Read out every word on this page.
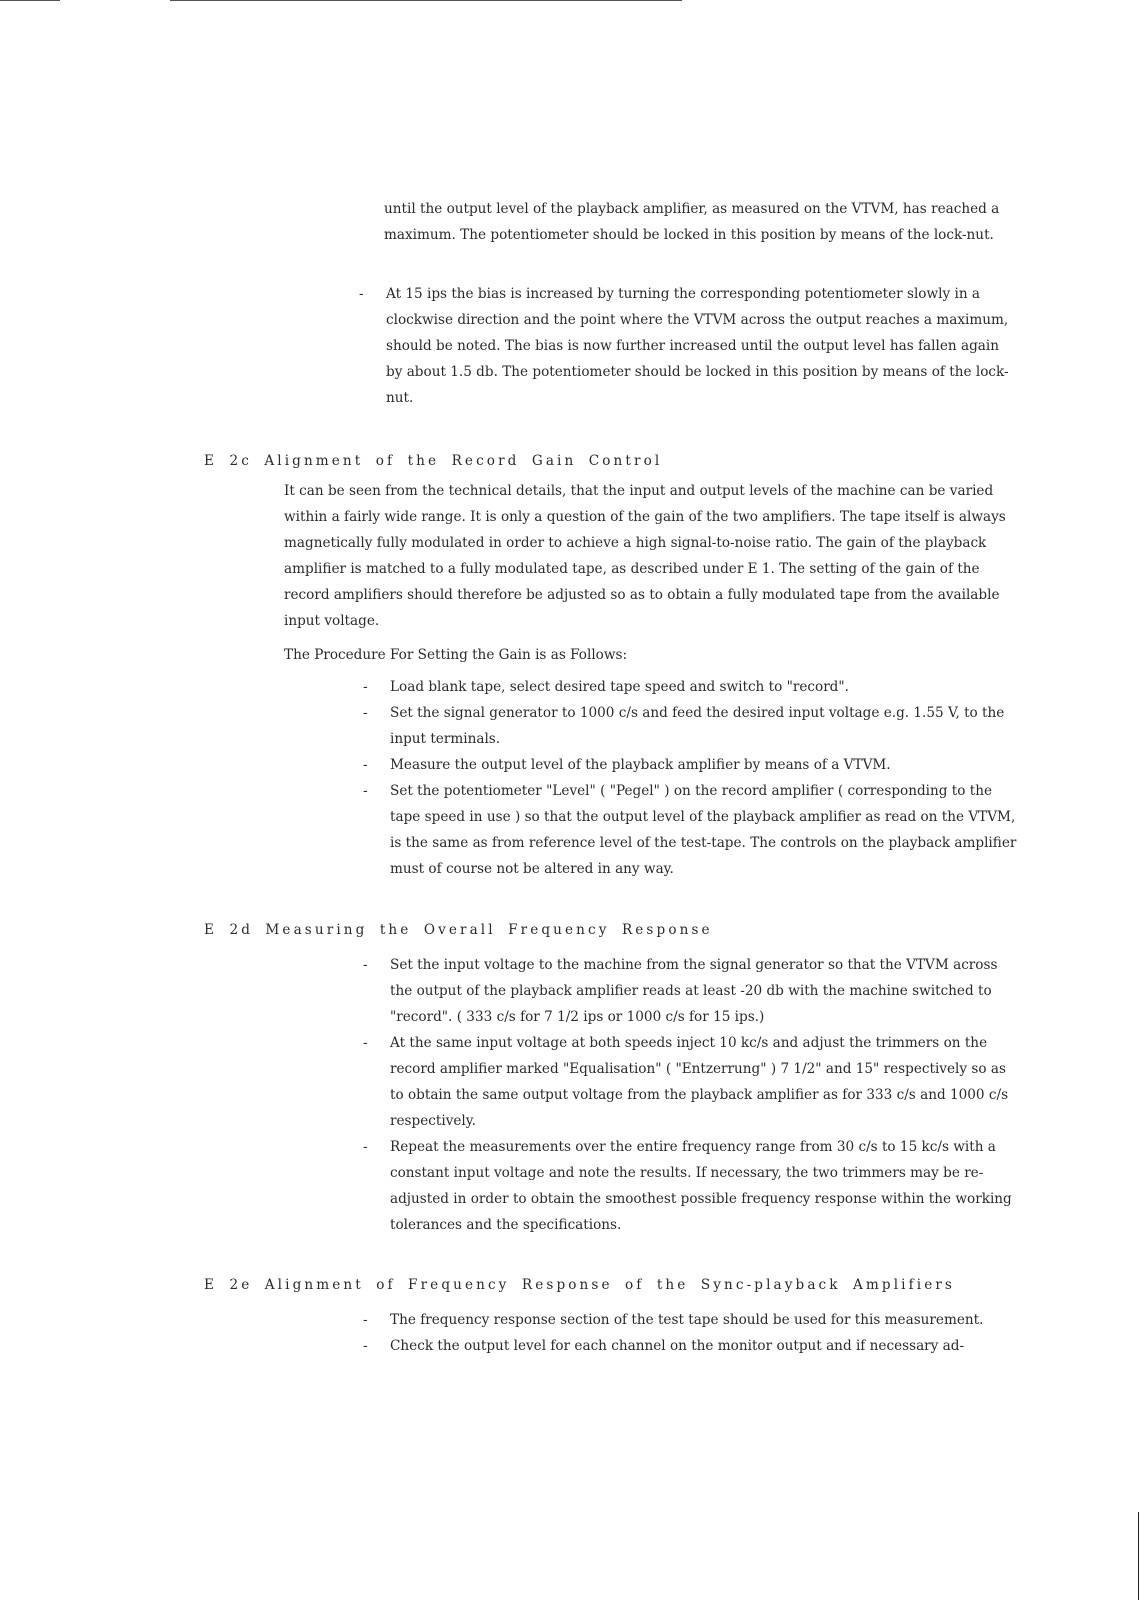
until the output level of the playback amplifier, as measured on the VTVM, has reached a maximum. The potentiometer should be locked in this position by means of the lock-nut.

- At 15 ips the bias is increased by turning the corresponding potentiometer slowly in a clockwise direction and the point where the VTVM across the output reaches a maximum, should be noted. The bias is now further increased until the output level has fallen again by about 1.5 db. The potentiometer should be locked in this position by means of the lock-nut.
E 2c Alignment of the Record Gain Control

It can be seen from the technical details, that the input and output levels of the machine can be varied within a fairly wide range. It is only a question of the gain of the two amplifiers. The tape itself is always magnetically fully modulated in order to achieve a high signal-to-noise ratio. The gain of the playback amplifier is matched to a fully modulated tape, as described under E 1. The setting of the gain of the record amplifiers should therefore be adjusted so as to obtain a fully modulated tape from the available input voltage.

The Procedure For Setting the Gain is as Follows:

- Load blank tape, select desired tape speed and switch to "record".
- Set the signal generator to 1000 c/s and feed the desired input voltage e.g. 1.55 V, to the input terminals.
- Measure the output level of the playback amplifier by means of a VTVM.
- Set the potentiometer "Level" ( "Pegel" ) on the record amplifier ( corresponding to the tape speed in use ) so that the output level of the playback amplifier as read on the VTVM, is the same as from reference level of the test-tape. The controls on the playback amplifier must of course not be altered in any way.
E 2d Measuring the Overall Frequency Response
- Set the input voltage to the machine from the signal generator so that the VTVM across the output of the playback amplifier reads at least -20 db with the machine switched to "record". ( 333 c/s for 7 1/2 ips or 1000 c/s for 15 ips.)
- At the same input voltage at both speeds inject 10 kc/s and adjust the trimmers on the record amplifier marked "Equalisation" ( "Entzerrung" ) 7 1/2" and 15" respectively so as to obtain the same output voltage from the playback amplifier as for 333 c/s and 1000 c/s respectively.
- Repeat the measurements over the entire frequency range from 30 c/s to 15 kc/s with a constant input voltage and note the results. If necessary, the two trimmers may be re-adjusted in order to obtain the smoothest possible frequency response within the working tolerances and the specifications.
E 2e Alignment of Frequency Response of the Sync-playback Amplifiers
- The frequency response section of the test tape should be used for this measurement.
- Check the output level for each channel on the monitor output and if necessary ad-
